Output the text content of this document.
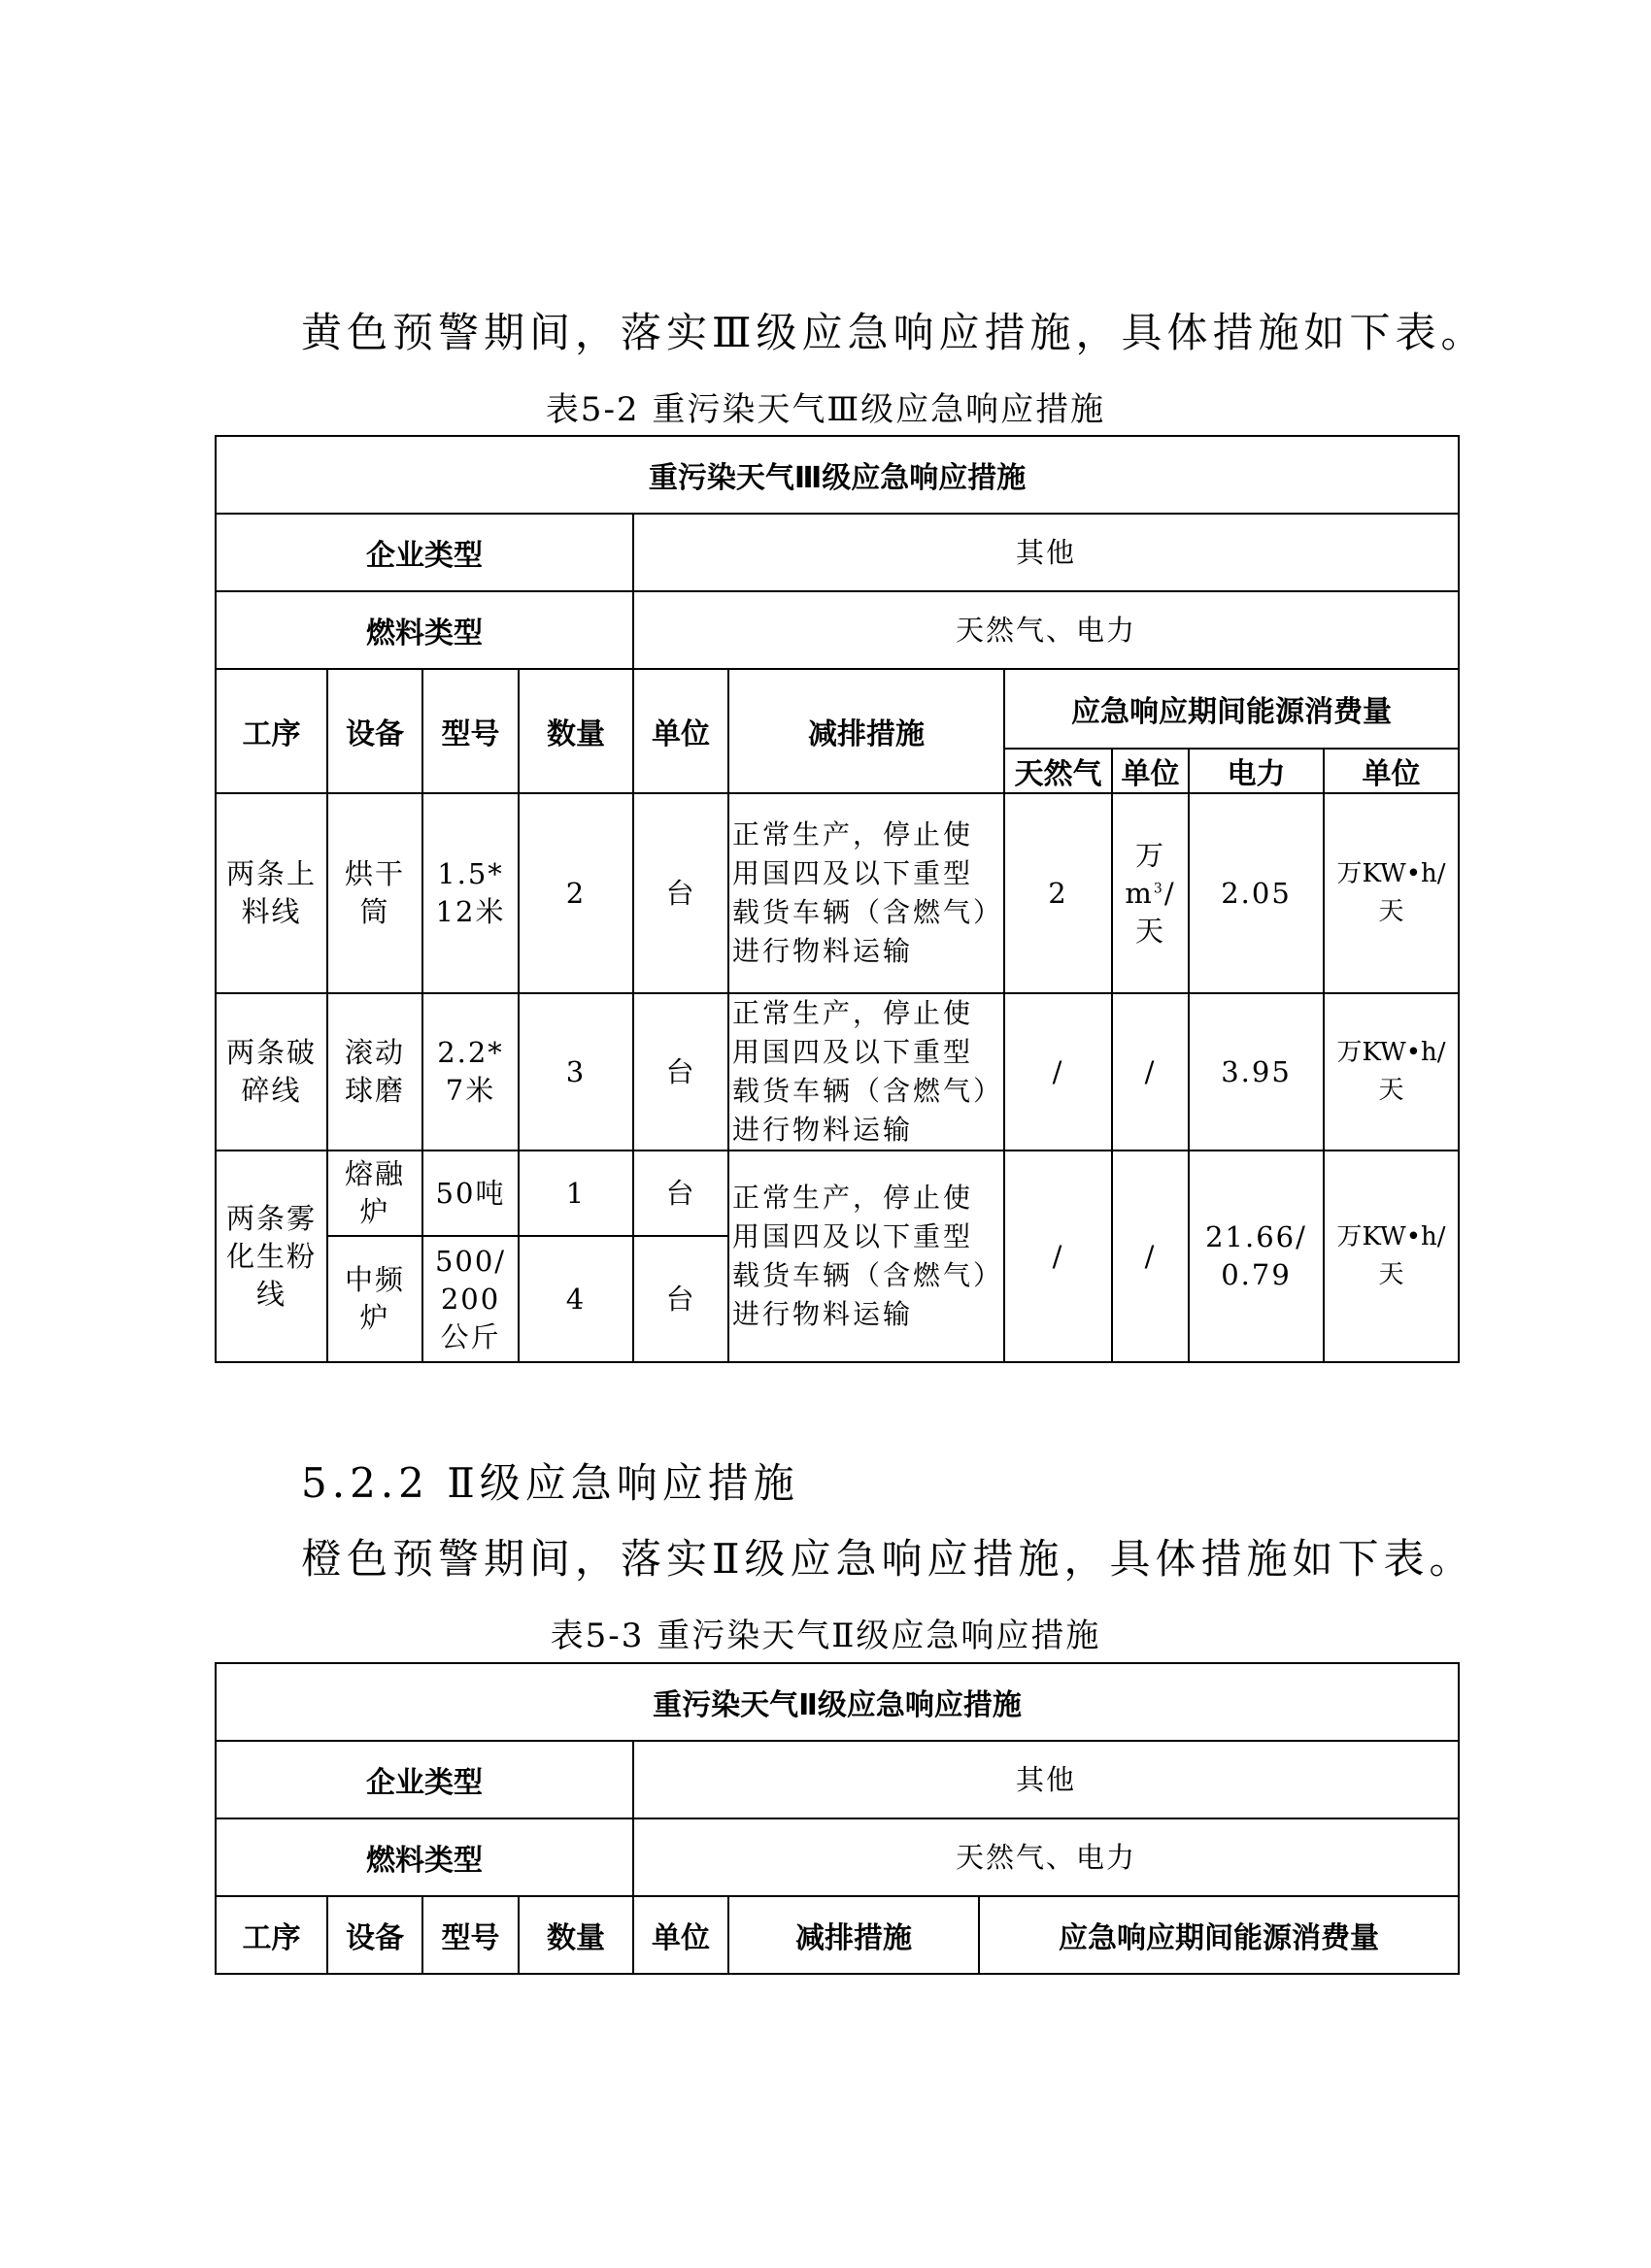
黄色预警期间，落实Ⅲ级应急响应措施，具体措施如下表。
表5-2 重污染天气Ⅲ级应急响应措施
重污染天气Ⅲ级应急响应措施									
企业类型				其他					
燃料类型				天然气、电力					
工序	设备	型号	数量	单位	减排措施	应急响应期间能源消费量			
						天然气	单位	电力	单位
两条上料线	烘干筒	1.5*12米	2	台	正常生产，停止使用国四及以下重型载货车辆（含燃气）进行物料运输	2	万$m^3/$天	2.05	万KW•h/天
两条破碎线	滚动球磨	2.2*7米	3	台	正常生产，停止使用国四及以下重型载货车辆（含燃气）进行物料运输	/	/	3.95	万KW•h/天
两条雾化生粉线	熔融炉	50吨	1	台	正常生产，停止使用国四及以下重型载货车辆（含燃气）进行物料运输	/	/	21.66/0.79	万KW•h/天
	中频炉	500/200公斤	4	台					
5.2.2 Ⅱ级应急响应措施
橙色预警期间，落实Ⅱ级应急响应措施，具体措施如下表。
表5-3 重污染天气Ⅱ级应急响应措施
重污染天气Ⅱ级应急响应措施						
企业类型				其他		
燃料类型				天然气、电力		
工序	设备	型号	数量	单位	减排措施	应急响应期间能源消费量
